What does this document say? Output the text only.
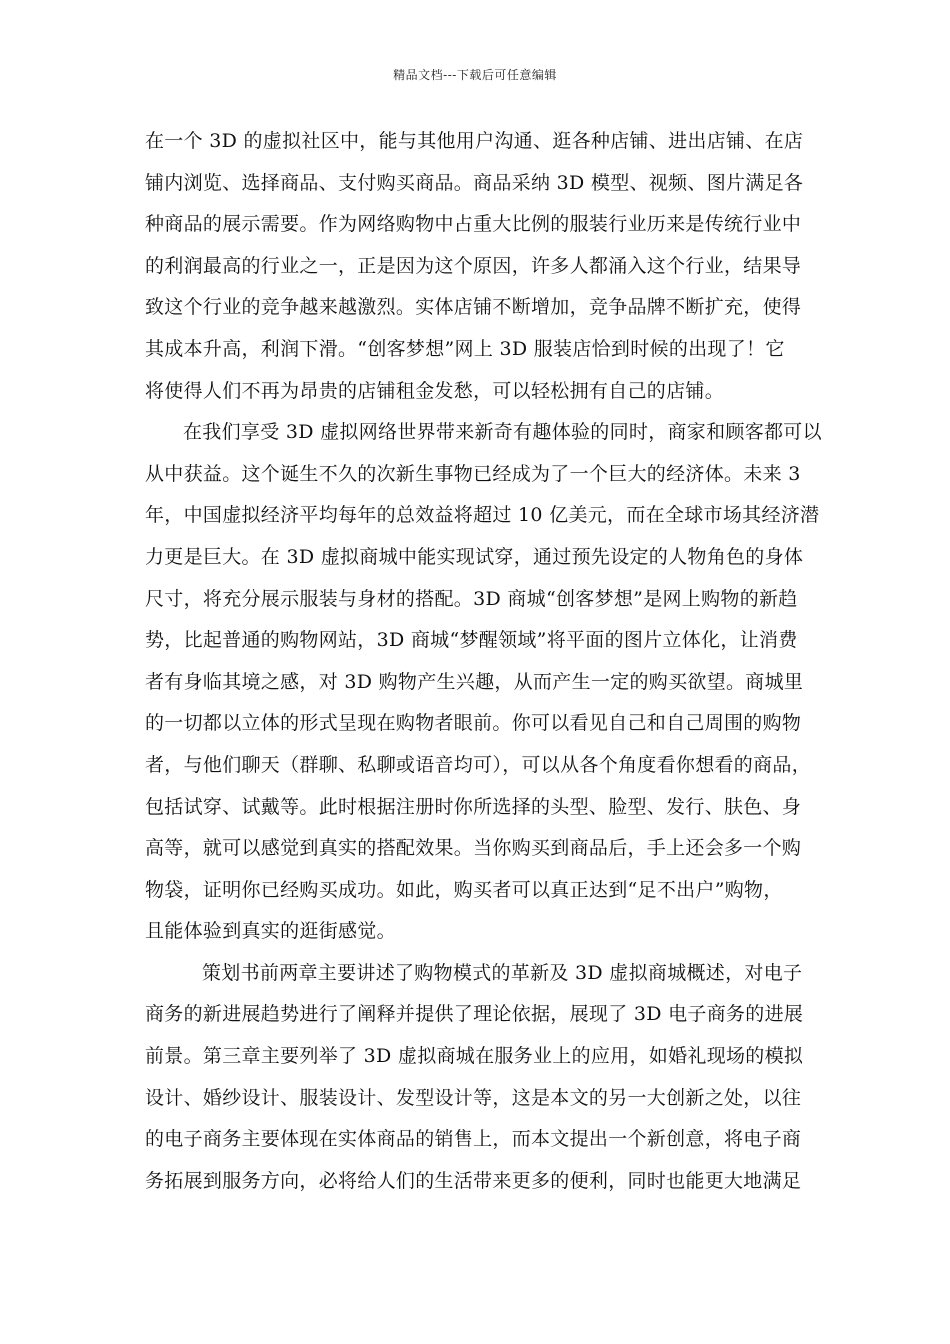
精品文档---下载后可任意编辑
在一个 3D 的虚拟社区中，能与其他用户沟通、逛各种店铺、进出店铺、在店
铺内浏览、选择商品、支付购买商品。商品采纳 3D 模型、视频、图片满足各
种商品的展示需要。作为网络购物中占重大比例的服装行业历来是传统行业中
的利润最高的行业之一，正是因为这个原因，许多人都涌入这个行业，结果导
致这个行业的竞争越来越激烈。实体店铺不断增加，竞争品牌不断扩充，使得
其成本升高，利润下滑。“创客梦想”网上 3D 服装店恰到时候的出现了！它
将使得人们不再为昂贵的店铺租金发愁，可以轻松拥有自己的店铺。
在我们享受 3D 虚拟网络世界带来新奇有趣体验的同时，商家和顾客都可以
从中获益。这个诞生不久的次新生事物已经成为了一个巨大的经济体。未来 3
年，中国虚拟经济平均每年的总效益将超过 10 亿美元，而在全球市场其经济潜
力更是巨大。在 3D 虚拟商城中能实现试穿，通过预先设定的人物角色的身体
尺寸，将充分展示服装与身材的搭配。3D 商城“创客梦想”是网上购物的新趋
势，比起普通的购物网站，3D 商城“梦醒领域”将平面的图片立体化，让消费
者有身临其境之感，对 3D 购物产生兴趣，从而产生一定的购买欲望。商城里
的一切都以立体的形式呈现在购物者眼前。你可以看见自己和自己周围的购物
者，与他们聊天（群聊、私聊或语音均可），可以从各个角度看你想看的商品，
包括试穿、试戴等。此时根据注册时你所选择的头型、脸型、发行、肤色、身
高等，就可以感觉到真实的搭配效果。当你购买到商品后，手上还会多一个购
物袋，证明你已经购买成功。如此，购买者可以真正达到“足不出户”购物，
且能体验到真实的逛街感觉。
策划书前两章主要讲述了购物模式的革新及 3D 虚拟商城概述，对电子
商务的新进展趋势进行了阐释并提供了理论依据，展现了 3D 电子商务的进展
前景。第三章主要列举了 3D 虚拟商城在服务业上的应用，如婚礼现场的模拟
设计、婚纱设计、服装设计、发型设计等，这是本文的另一大创新之处，以往
的电子商务主要体现在实体商品的销售上，而本文提出一个新创意，将电子商
务拓展到服务方向，必将给人们的生活带来更多的便利，同时也能更大地满足
